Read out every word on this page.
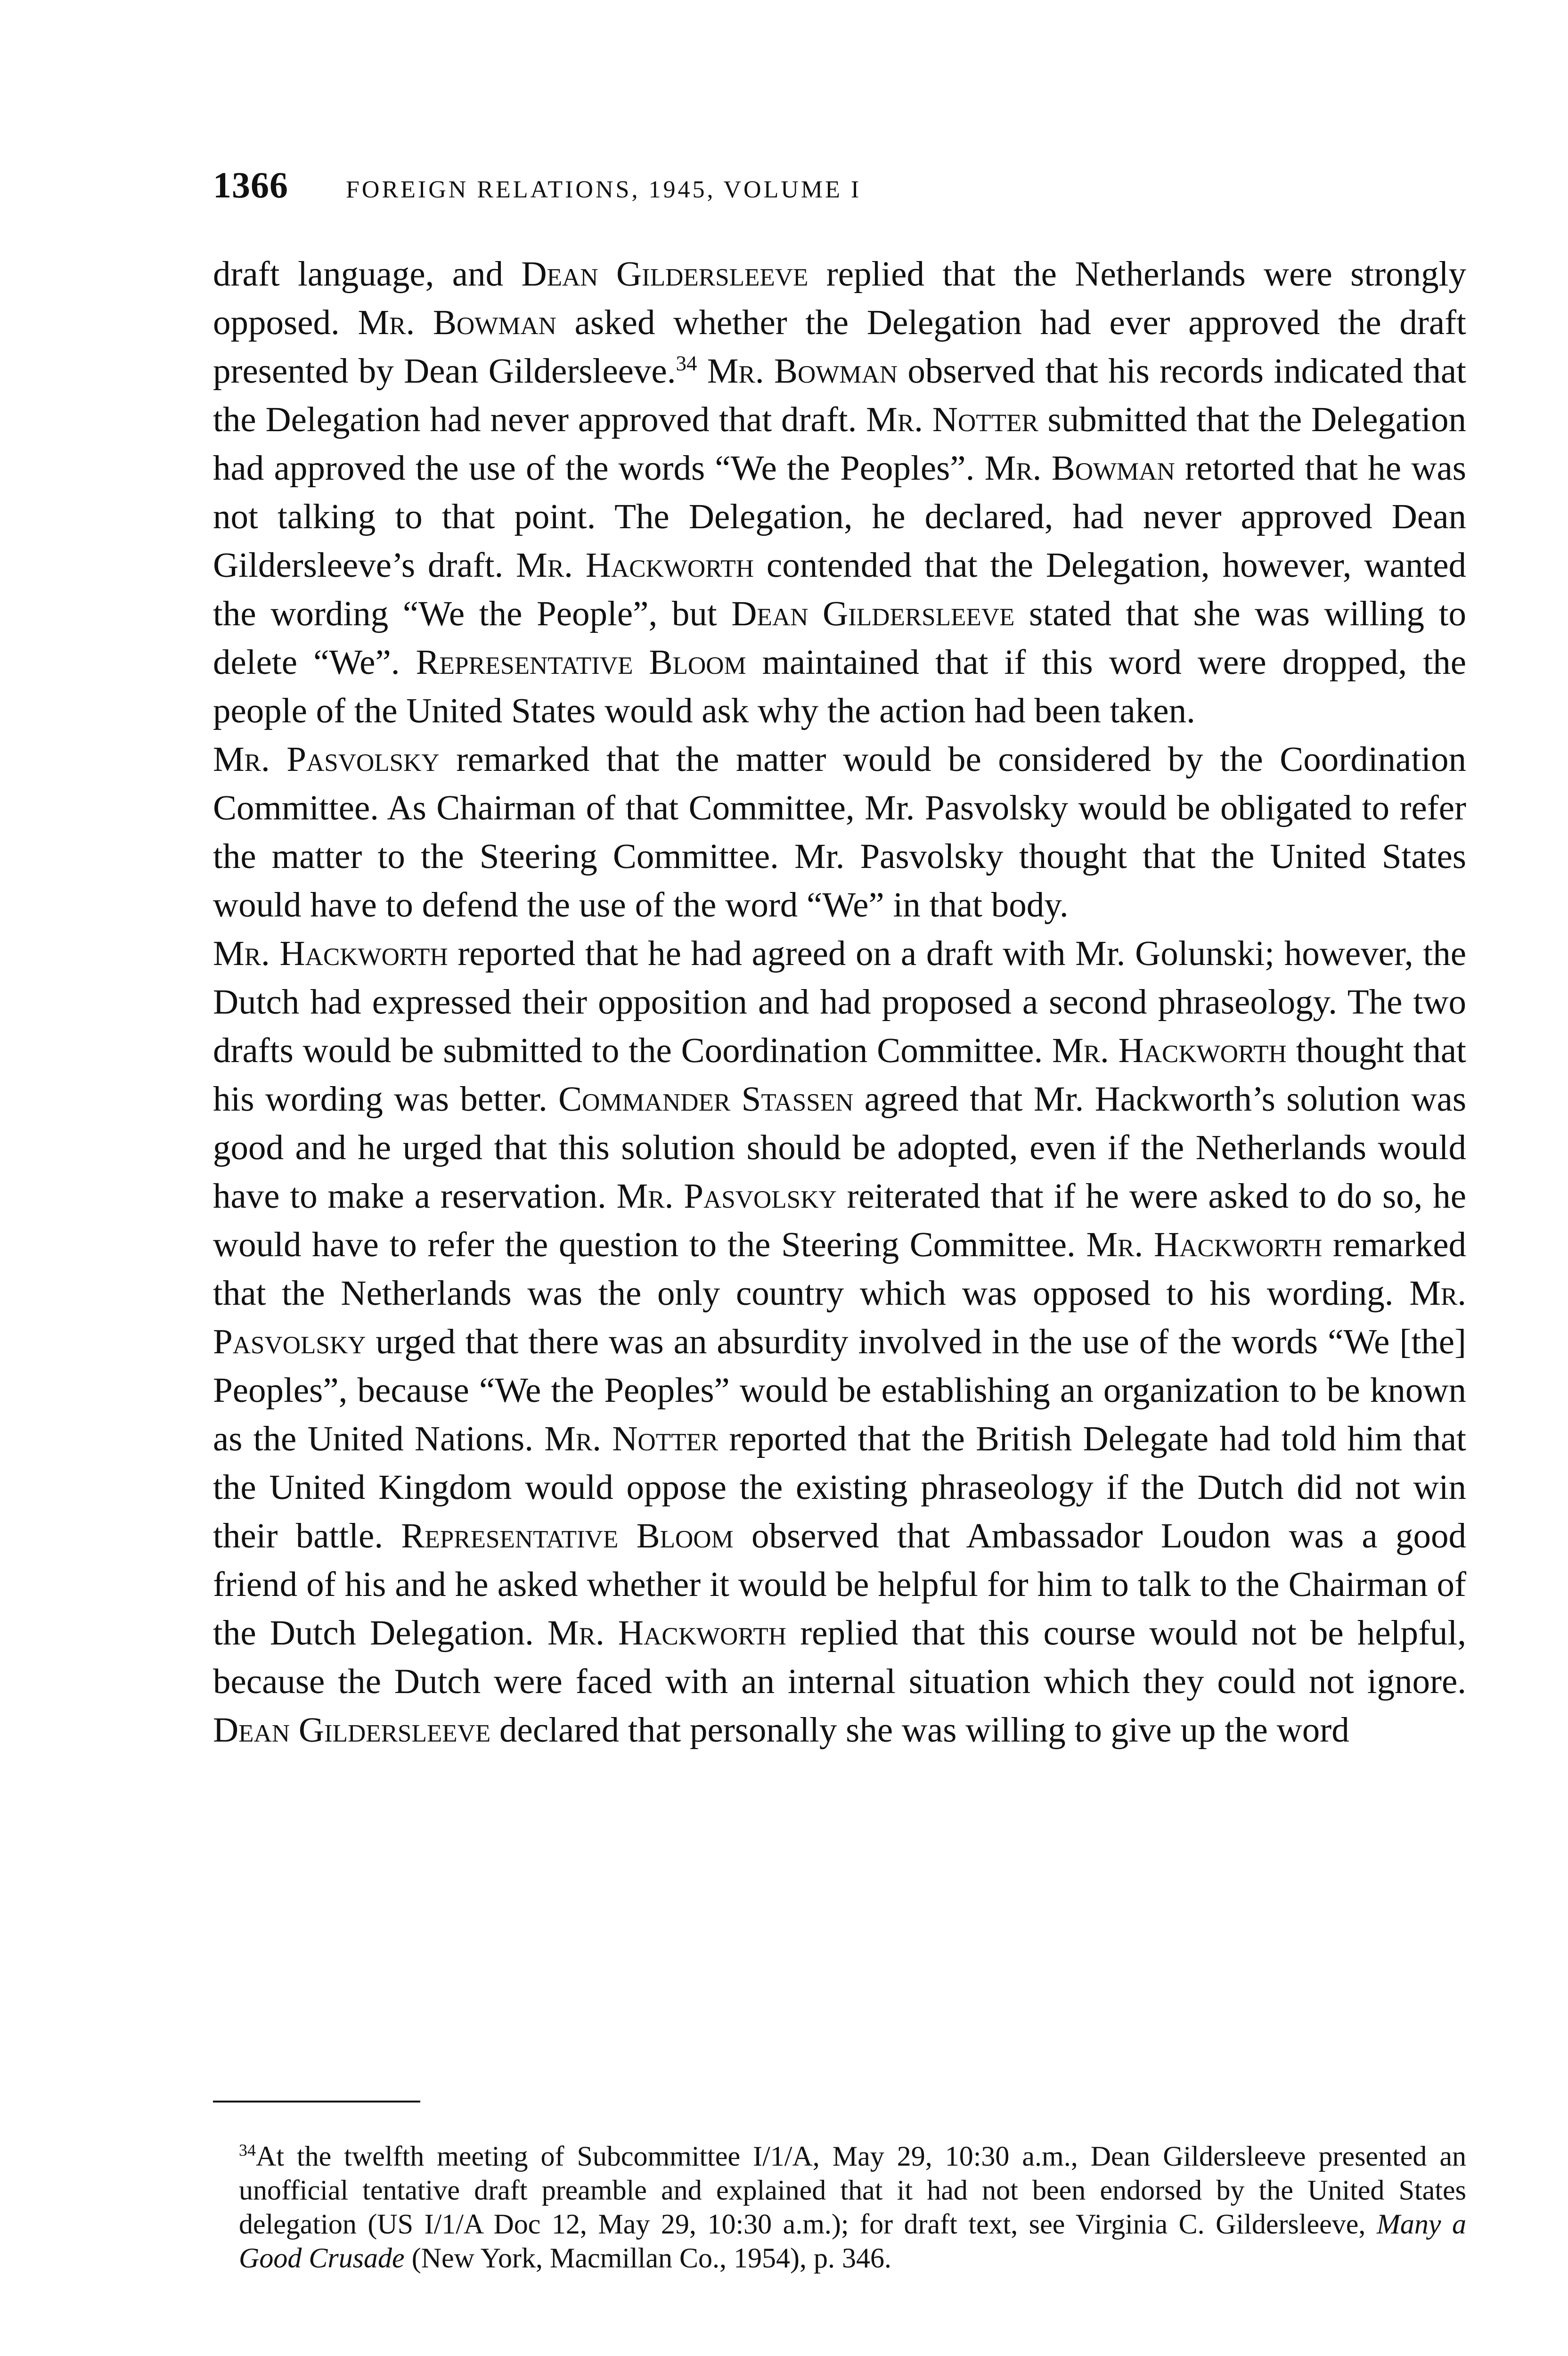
1366 FOREIGN RELATIONS, 1945, VOLUME I

draft language, and Dean Gildersleeve replied that the Netherlands were strongly opposed. Mr. Bowman asked whether the Delegation had ever approved the draft presented by Dean Gildersleeve.$^{34}$ Mr. Bowman observed that his records indicated that the Delegation had never approved that draft. Mr. Notter submitted that the Delegation had approved the use of the words “We the Peoples”. Mr. Bowman retorted that he was not talking to that point. The Delegation, he declared, had never approved Dean Gildersleeve’s draft. Mr. Hackworth contended that the Delegation, however, wanted the wording “We the People”, but Dean Gildersleeve stated that she was willing to delete “We”. Representative Bloom maintained that if this word were dropped, the people of the United States would ask why the action had been taken.

Mr. Pasvolsky remarked that the matter would be considered by the Coordination Committee. As Chairman of that Committee, Mr. Pasvolsky would be obligated to refer the matter to the Steering Committee. Mr. Pasvolsky thought that the United States would have to defend the use of the word “We” in that body.

Mr. Hackworth reported that he had agreed on a draft with Mr. Golunski; however, the Dutch had expressed their opposition and had proposed a second phraseology. The two drafts would be submitted to the Coordination Committee. Mr. Hackworth thought that his wording was better. Commander Stassen agreed that Mr. Hackworth’s solution was good and he urged that this solution should be adopted, even if the Netherlands would have to make a reservation. Mr. Pasvolsky reiterated that if he were asked to do so, he would have to refer the question to the Steering Committee. Mr. Hackworth remarked that the Netherlands was the only country which was opposed to his wording. Mr. Pasvolsky urged that there was an absurdity involved in the use of the words “We [the] Peoples”, because “We the Peoples” would be establishing an organization to be known as the United Nations. Mr. Notter reported that the British Delegate had told him that the United Kingdom would oppose the existing phraseology if the Dutch did not win their battle. Representative Bloom observed that Ambassador Loudon was a good friend of his and he asked whether it would be helpful for him to talk to the Chairman of the Dutch Delegation. Mr. Hackworth replied that this course would not be helpful, because the Dutch were faced with an internal situation which they could not ignore. Dean Gildersleeve declared that personally she was willing to give up the word

$^{34}$At the twelfth meeting of Subcommittee I/1/A, May 29, 10:30 a.m., Dean Gildersleeve presented an unofficial tentative draft preamble and explained that it had not been endorsed by the United States delegation (US I/1/A Doc 12, May 29, 10:30 a.m.); for draft text, see Virginia C. Gildersleeve, Many a Good Crusade (New York, Macmillan Co., 1954), p. 346.
